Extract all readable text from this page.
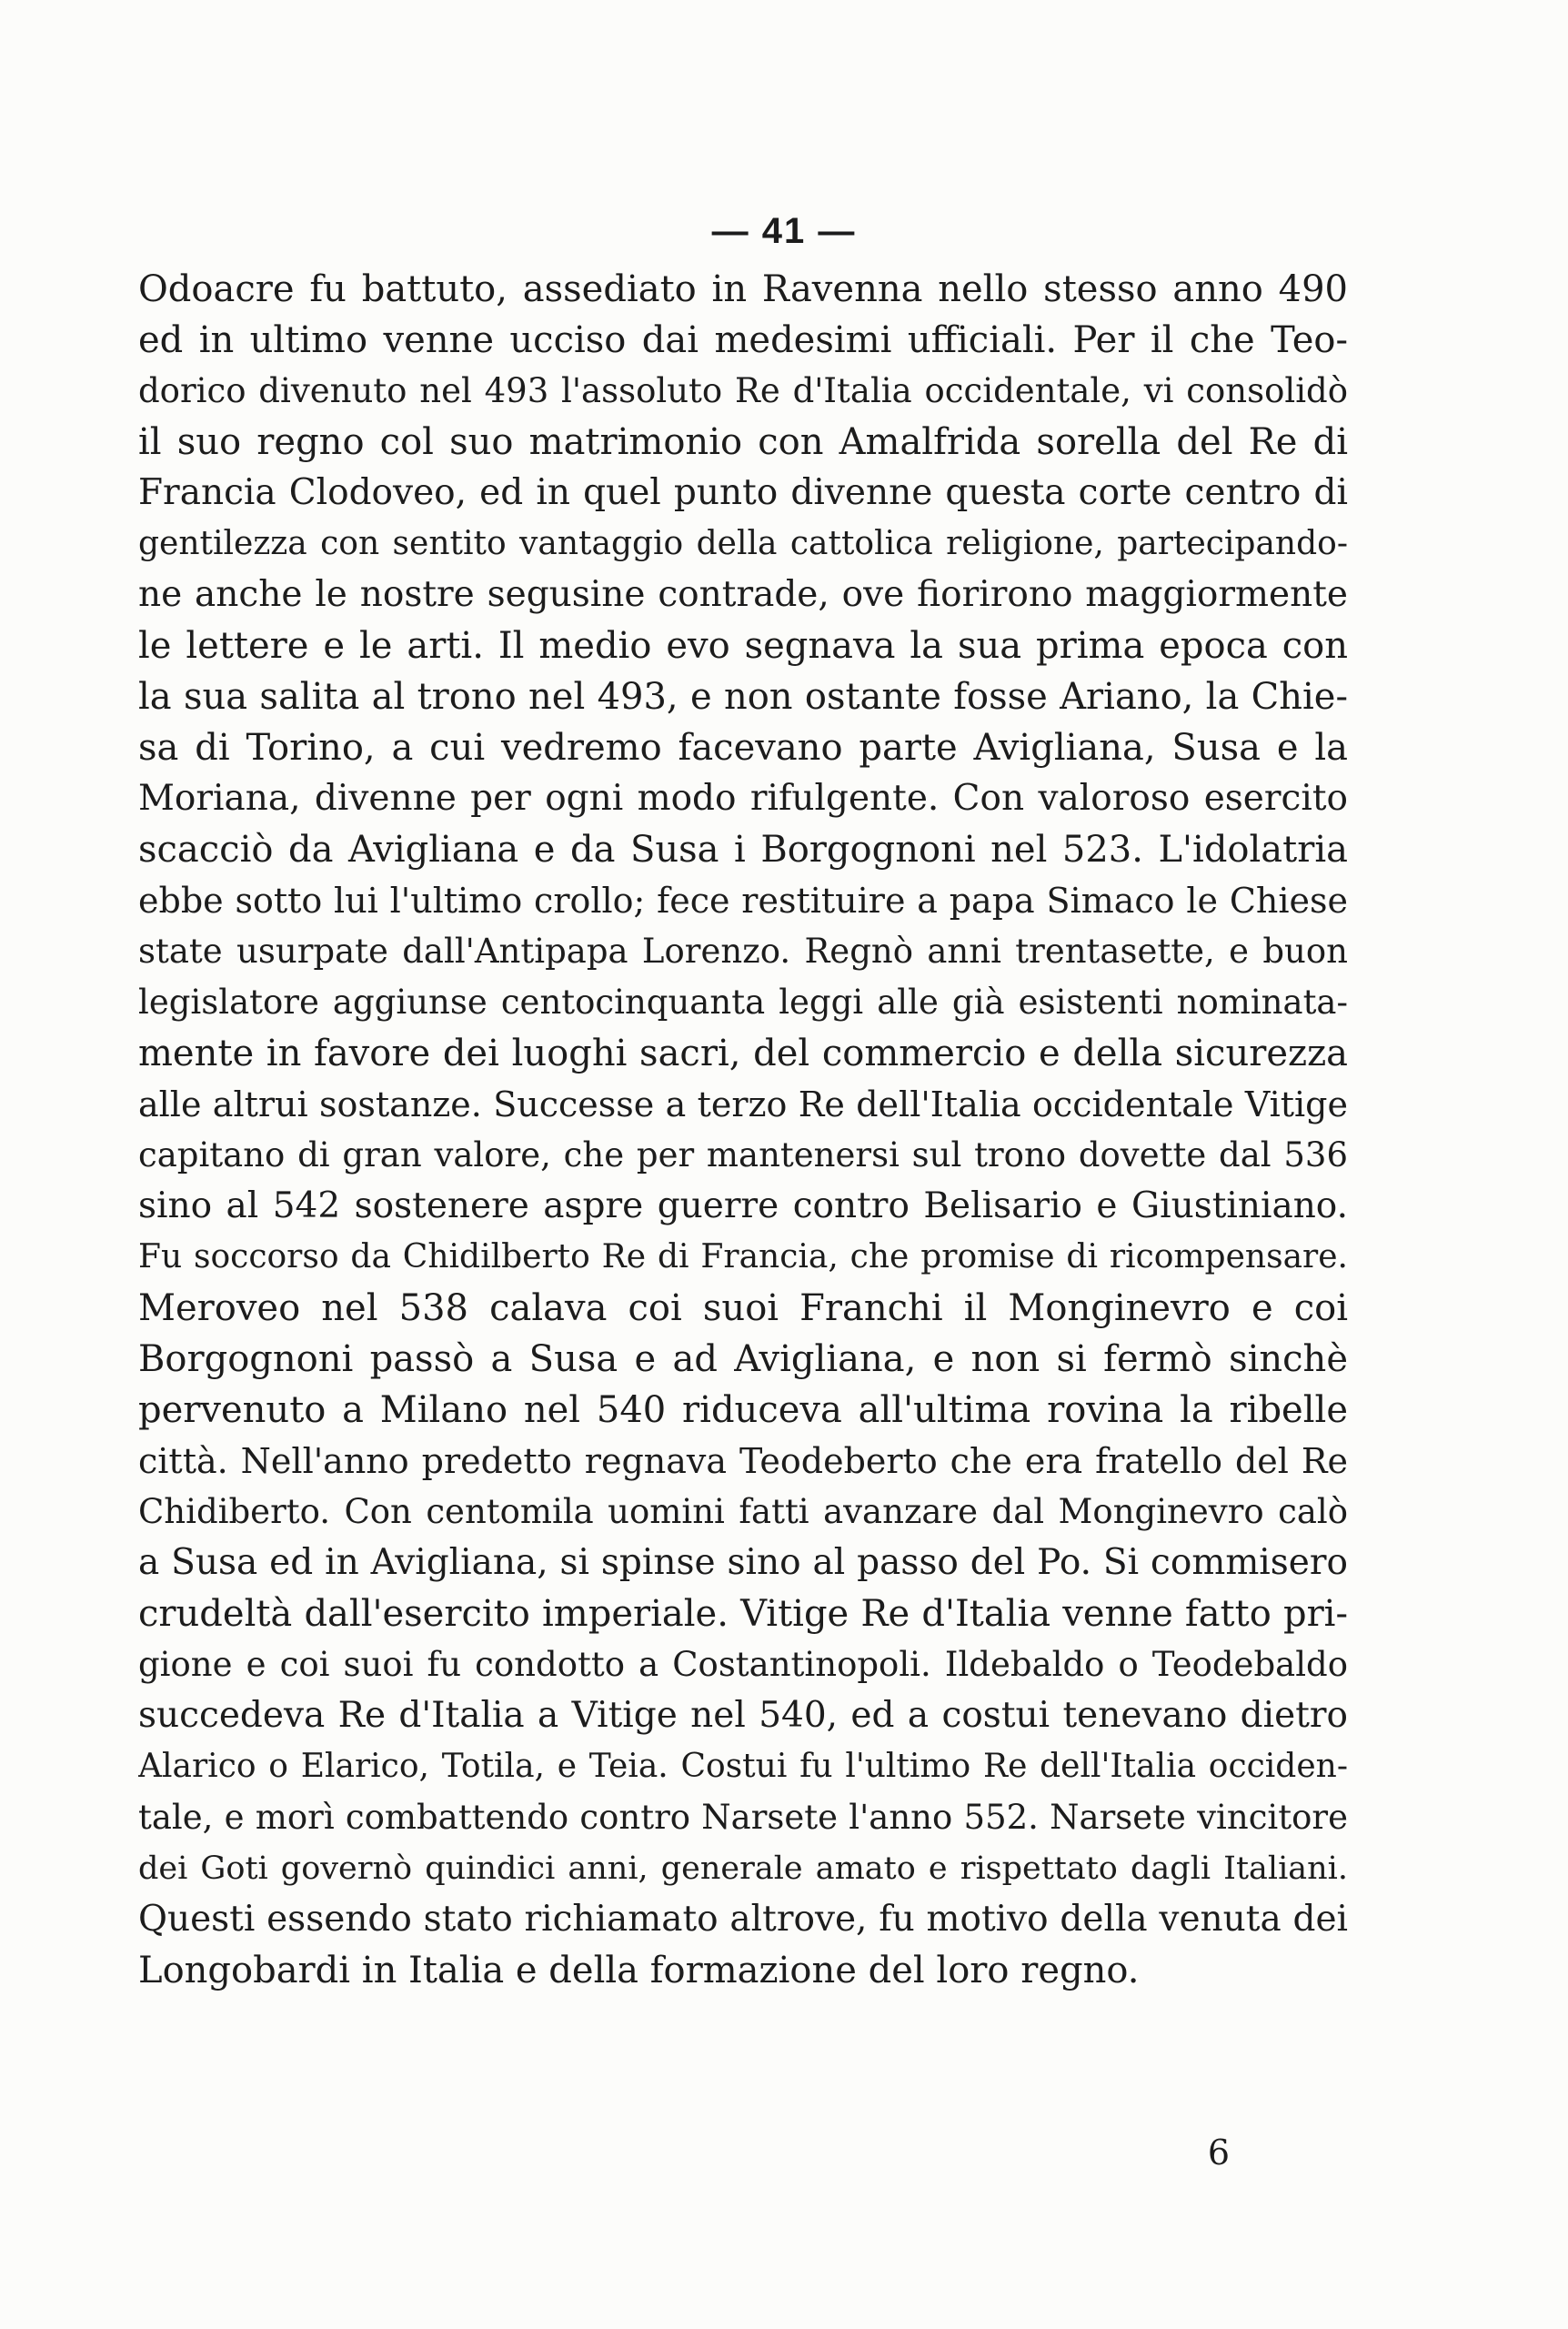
— 41 —
Odoacre fu battuto, assediato in Ravenna nello stesso anno 490
ed in ultimo venne ucciso dai medesimi ufficiali. Per il che Teo-
dorico divenuto nel 493 l'assoluto Re d'Italia occidentale, vi consolidò
il suo regno col suo matrimonio con Amalfrida sorella del Re di
Francia Clodoveo, ed in quel punto divenne questa corte centro di
gentilezza con sentito vantaggio della cattolica religione, partecipando-
ne anche le nostre segusine contrade, ove fiorirono maggiormente
le lettere e le arti. Il medio evo segnava la sua prima epoca con
la sua salita al trono nel 493, e non ostante fosse Ariano, la Chie-
sa di Torino, a cui vedremo facevano parte Avigliana, Susa e la
Moriana, divenne per ogni modo rifulgente. Con valoroso esercito
scacciò da Avigliana e da Susa i Borgognoni nel 523. L'idolatria
ebbe sotto lui l'ultimo crollo; fece restituire a papa Simaco le Chiese
state usurpate dall'Antipapa Lorenzo. Regnò anni trentasette, e buon
legislatore aggiunse centocinquanta leggi alle già esistenti nominata-
mente in favore dei luoghi sacri, del commercio e della sicurezza
alle altrui sostanze. Successe a terzo Re dell'Italia occidentale Vitige
capitano di gran valore, che per mantenersi sul trono dovette dal 536
sino al 542 sostenere aspre guerre contro Belisario e Giustiniano.
Fu soccorso da Chidilberto Re di Francia, che promise di ricompensare.
Meroveo nel 538 calava coi suoi Franchi il Monginevro e coi
Borgognoni passò a Susa e ad Avigliana, e non si fermò sinchè
pervenuto a Milano nel 540 riduceva all'ultima rovina la ribelle
città. Nell'anno predetto regnava Teodeberto che era fratello del Re
Chidiberto. Con centomila uomini fatti avanzare dal Monginevro calò
a Susa ed in Avigliana, si spinse sino al passo del Po. Si commisero
crudeltà dall'esercito imperiale. Vitige Re d'Italia venne fatto pri-
gione e coi suoi fu condotto a Costantinopoli. Ildebaldo o Teodebaldo
succedeva Re d'Italia a Vitige nel 540, ed a costui tenevano dietro
Alarico o Elarico, Totila, e Teia. Costui fu l'ultimo Re dell'Italia occiden-
tale, e morì combattendo contro Narsete l'anno 552. Narsete vincitore
dei Goti governò quindici anni, generale amato e rispettato dagli Italiani.
Questi essendo stato richiamato altrove, fu motivo della venuta dei
Longobardi in Italia e della formazione del loro regno.
6
